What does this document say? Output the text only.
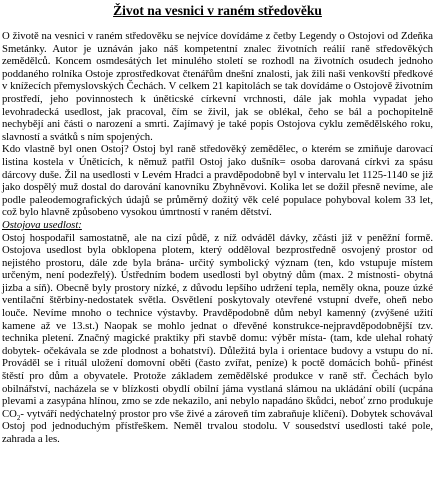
Život na vesnici v raném středověku

O životě na vesnici v raném středověku se nejvíce dovídáme z četby Legendy o Ostojovi od Zdeňka Smetánky. Autor je uznáván jako náš kompetentní znalec životních reálií raně středověkých zemědělců. Koncem osmdesátých let minulého století se rozhodl na životních osudech jednoho poddaného rolníka Ostoje zprostředkovat čtenářům dnešní znalosti, jak žili naši venkovští předkové v knížecích přemyslovských Čechách. V celkem 21 kapitolách se tak dovídáme o Ostojově životním prostředí, jeho povinnostech k úněticské církevní vrchnosti, dále jak mohla vypadat jeho levohradecká usedlost, jak pracoval, čím se živil, jak se oblékal, čeho se bál a pochopitelně nechybějí ani části o narození a smrti. Zajímavý je také popis Ostojova cyklu zemědělského roku, slavností a svátků s ním spojených.

Kdo vlastně byl onen Ostoj? Ostoj byl raně středověký zemědělec, o kterém se zmiňuje darovací listina kostela v Úněticích, k němuž patřil Ostoj jako dušník= osoba darovaná církvi za spásu dárcovy duše. Žil na usedlosti v Levém Hradci a pravděpodobně byl v intervalu let 1125-1140 se již jako dospělý muž dostal do darování kanovníku Zbyhněvovi. Kolika let se dožil přesně nevíme, ale podle paleodemografických údajů se průměrný dožitý věk celé populace pohyboval kolem 33 let, což bylo hlavně způsobeno vysokou úmrtností v raném dětství.

Ostojova usedlost:

Ostoj hospodařil samostatně, ale na cizí půdě, z níž odváděl dávky, zčásti již v peněžní formě. Ostojova usedlost byla obklopena plotem, který odděloval bezprostředně osvojený prostor od nejistého prostoru, dále zde byla brána- určitý symbolický význam (ten, kdo vstupuje místem určeným, není podezřelý). Ústředním bodem usedlosti byl obytný dům (max. 2 místnosti- obytná jizba a síň). Obecně byly prostory nízké, z důvodu lepšího udržení tepla, neměly okna, pouze úzké ventilační štěrbiny-nedostatek světla. Osvětlení poskytovaly otevřené vstupní dveře, oheň nebo louče. Nevíme mnoho o technice výstavby. Pravděpodobně dům nebyl kamenný (zvýšené užití kamene až ve 13.st.) Naopak se mohlo jednat o dřevěné konstrukce-nejpravděpodobnější tzv. technika pletení. Značný magické praktiky při stavbě domu: výběr místa- (tam, kde ulehal rohatý dobytek- očekávala se zde plodnost a bohatství). Důležitá byla i orientace budovy a vstupu do ní. Prováděl se i rituál uložení domovní oběti (často zvířat, peníze) k poctě domácích bohů- přinést štěstí pro dům a obyvatele. Protože základem zemědělské produkce v raně stř. Čechách bylo obilnářství, nacházela se v blízkosti obydlí obilní jáma vystlaná slámou na ukládání obilí (ucpána plevami a zasypána hlínou, zmo se zde nekazilo, ani nebylo napadáno škůdci, neboť zrno produkuje $CO_2-$ vytváří nedýchatelný prostor pro vše živé a zároveň tím zabraňuje klíčení). Dobytek schovával Ostoj pod jednoduchým přístřeškem. Neměl trvalou stodolu. V sousedství usedlosti také pole, zahrada a les.
